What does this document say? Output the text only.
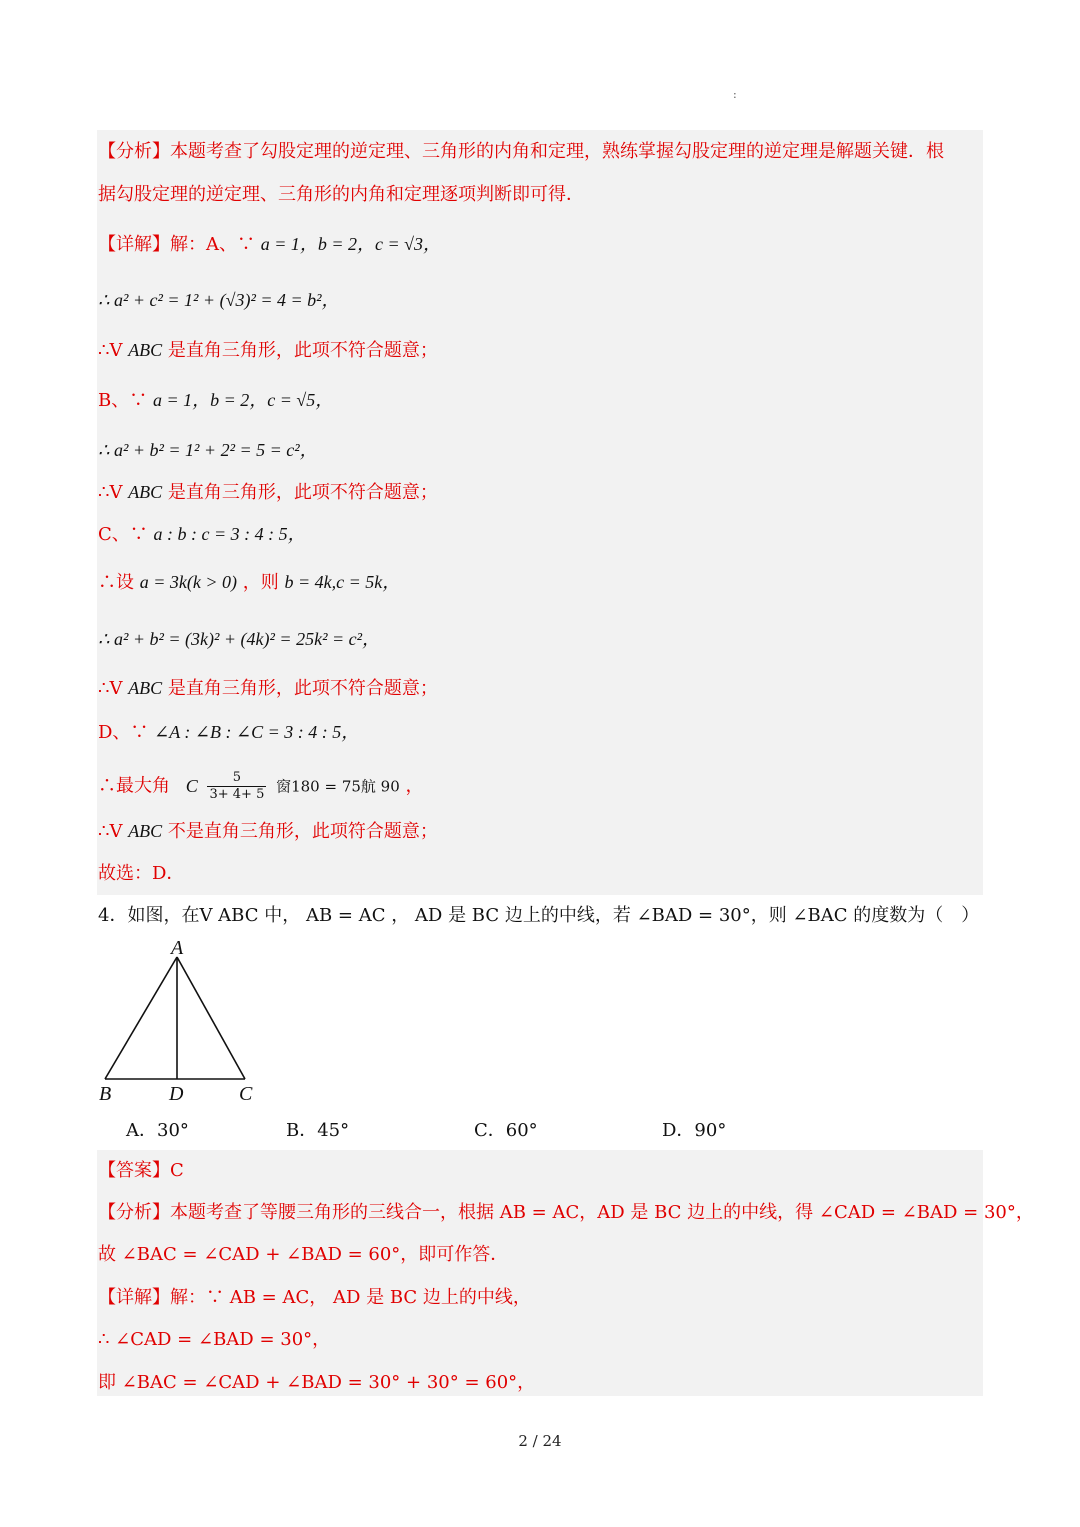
:
【分析】本题考查了勾股定理的逆定理、三角形的内角和定理，熟练掌握勾股定理的逆定理是解题关键．根
据勾股定理的逆定理、三角形的内角和定理逐项判断即可得．
【详解】解：A、∵ a = 1，b = 2，c = √3，
∴ a² + c² = 1² + (√3)² = 4 = b²，
∴V ABC 是直角三角形，此项不符合题意；
B、∵ a = 1，b = 2，c = √5，
∴ a² + b² = 1² + 2² = 5 = c²，
∴V ABC 是直角三角形，此项不符合题意；
C、∵ a : b : c = 3 : 4 : 5，
∴设 a = 3k(k > 0) ，则 b = 4k,c = 5k，
∴ a² + b² = (3k)² + (4k)² = 25k² = c²，
∴V ABC 是直角三角形，此项不符合题意；
D、∵ ∠A : ∠B : ∠C = 3 : 4 : 5，
∴最大角 C $\frac{5}{3+ 4+ 5}$ 窗180 = 75航 90 ，
∴V ABC 不是直角三角形，此项符合题意；
故选：D．
4．如图，在V ABC 中， AB = AC ， AD 是 BC 边上的中线，若 ∠BAD = 30°，则 ∠BAC 的度数为（　）
A
B	D	C
A．30°	B．45°	C．60°	D．90°
【答案】C
【分析】本题考查了等腰三角形的三线合一，根据 AB = AC，AD 是 BC 边上的中线，得 ∠CAD = ∠BAD = 30°，
故 ∠BAC = ∠CAD + ∠BAD = 60°，即可作答．
【详解】解：∵ AB = AC， AD 是 BC 边上的中线，
∴ ∠CAD = ∠BAD = 30°，
即 ∠BAC = ∠CAD + ∠BAD = 30° + 30° = 60°，
2 / 24
